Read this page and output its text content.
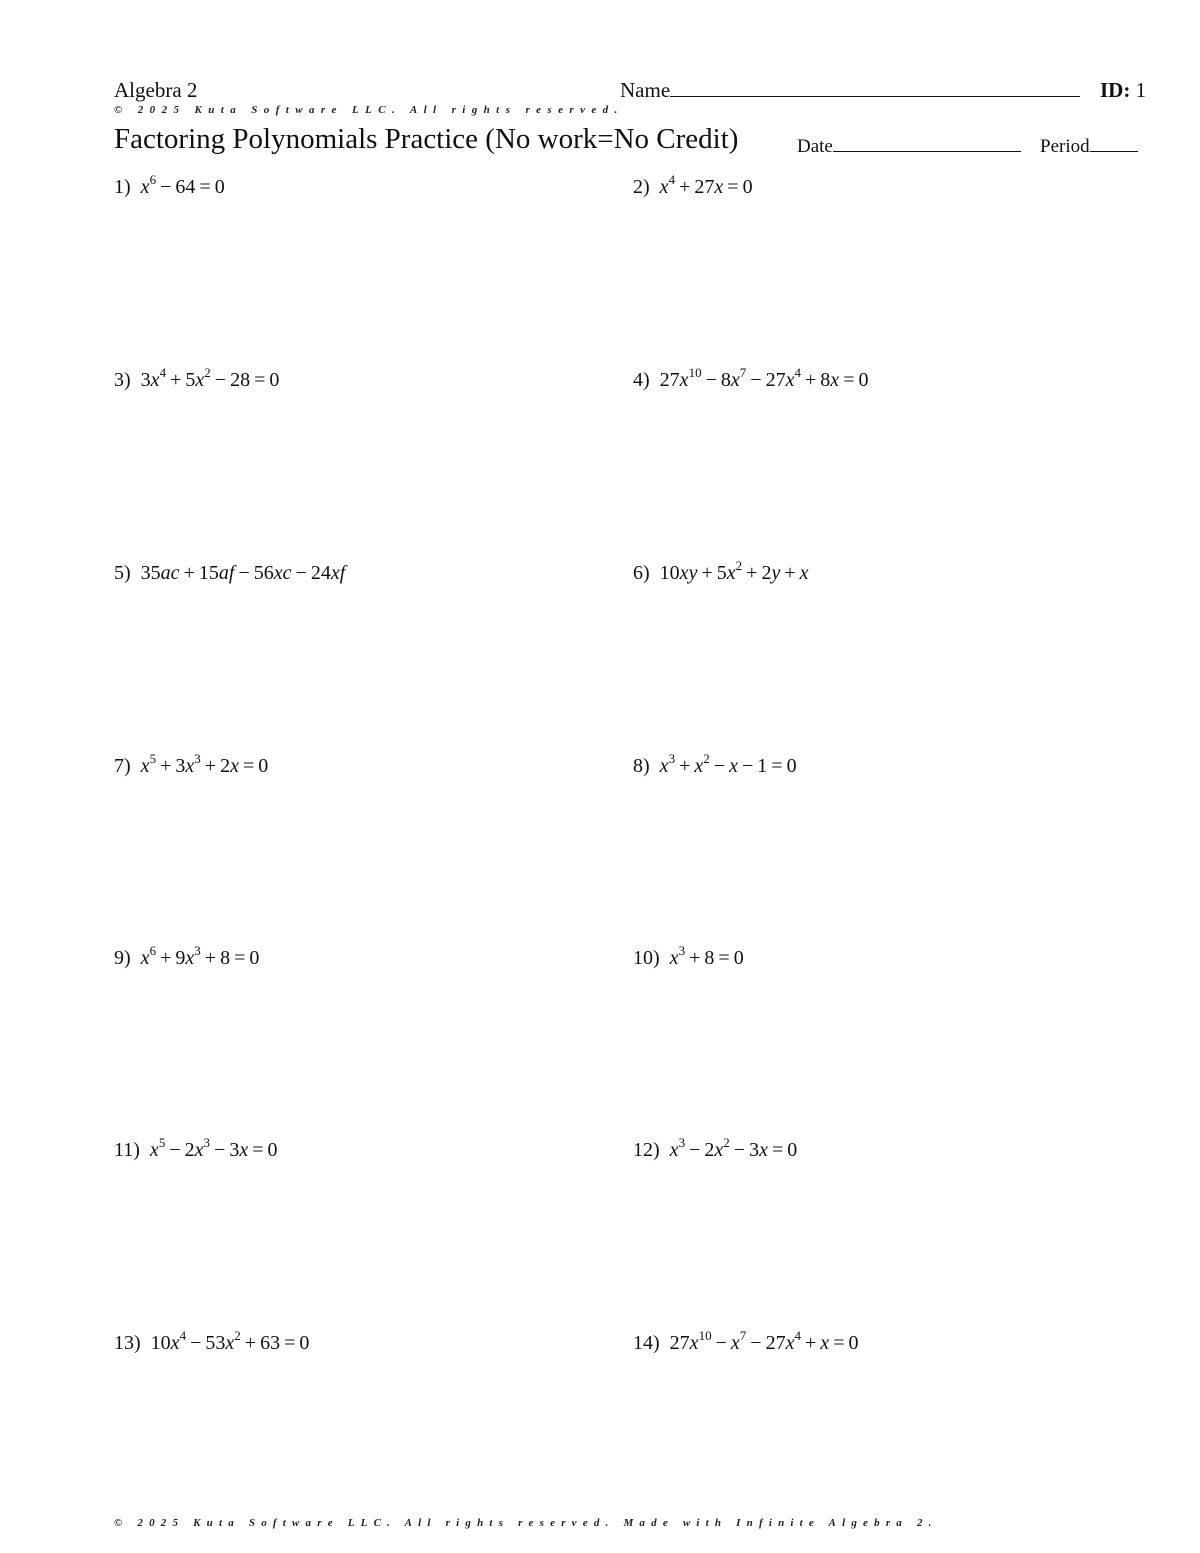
Algebra 2	Name	ID: 1
© 2025 Kuta Software LLC. All rights reserved.
Factoring Polynomials Practice (No work=No Credit)	Date	Period
1) $x^6 - 64 = 0$	2) $x^4 + 27x = 0$
3) $3x^4 + 5x^2 - 28 = 0$	4) $27x^{10} - 8x^7 - 27x^4 + 8x = 0$
5) 35ac  +  15af  −  56xc  −  24xf	6) $10xy + 5x^2 + 2y + x$
7) $x^5 + 3x^3 + 2x = 0$	8) $x^3 + x^2 - x - 1 = 0$
9) $x^6 + 9x^3 + 8 = 0$	10) $x^3 + 8 = 0$
11) $x^5 - 2x^3 - 3x = 0$	12) $x^3 - 2x^2 - 3x = 0$
13) $10x^4 - 53x^2 + 63 = 0$	14) $27x^{10} - x^7 - 27x^4 + x = 0$
© 2025 Kuta Software LLC. All rights reserved. Made with Infinite Algebra 2.
